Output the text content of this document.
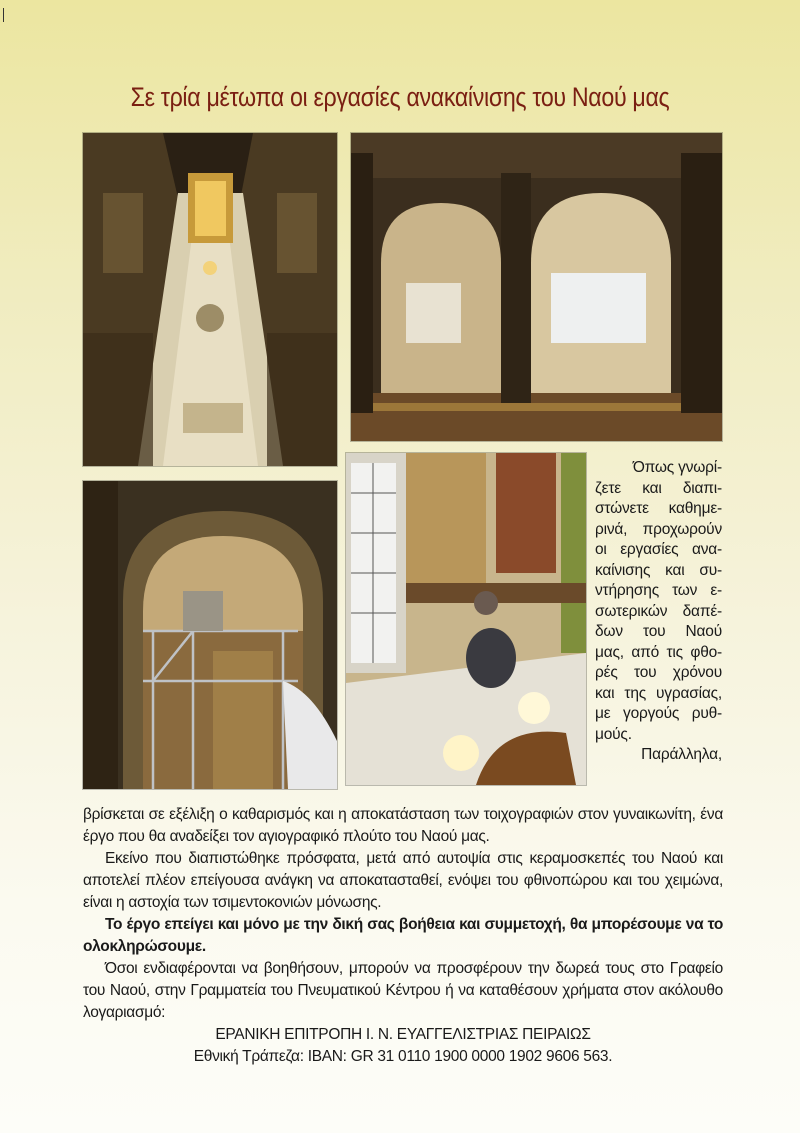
Σε τρία μέτωπα οι εργασίες ανακαίνισης του Ναού μας
Όπως γνωρί-
ζετε και διαπι-
στώνετε καθημε-
ρινά, προχωρούν
οι εργασίες ανα-
καίνισης και συ-
ντήρησης των ε-
σωτερικών δαπέ-
δων του Ναού
μας, από τις φθο-
ρές του χρόνου
και της υγρασίας,
με γοργούς ρυθ-
μούς.
Παράλληλα,

βρίσκεται σε εξέλιξη ο καθαρισμός και η αποκατάσταση των τοιχογραφιών στον γυναικωνίτη, ένα έργο που θα αναδείξει τον αγιογραφικό πλούτο του Ναού μας.

Εκείνο που διαπιστώθηκε πρόσφατα, μετά από αυτοψία στις κεραμοσκεπές του Ναού και αποτελεί πλέον επείγουσα ανάγκη να αποκατασταθεί, ενόψει του φθινοπώρου και του χειμώνα, είναι η αστοχία των τσιμεντοκονιών μόνωσης.

Το έργο επείγει και μόνο με την δική σας βοήθεια και συμμετοχή, θα μπορέσουμε να το ολοκληρώσουμε.

Όσοι ενδιαφέρονται να βοηθήσουν, μπορούν να προσφέρουν την δωρεά τους στο Γραφείο του Ναού, στην Γραμματεία του Πνευματικού Κέντρου ή να καταθέσουν χρήματα στον ακόλουθο λογαριασμό:

ΕΡΑΝΙΚΗ ΕΠΙΤΡΟΠΗ Ι. Ν. ΕΥΑΓΓΕΛΙΣΤΡΙΑΣ ΠΕΙΡΑΙΩΣ

Εθνική Τράπεζα: IBAN: GR 31 0110 1900 0000 1902 9606 563.
